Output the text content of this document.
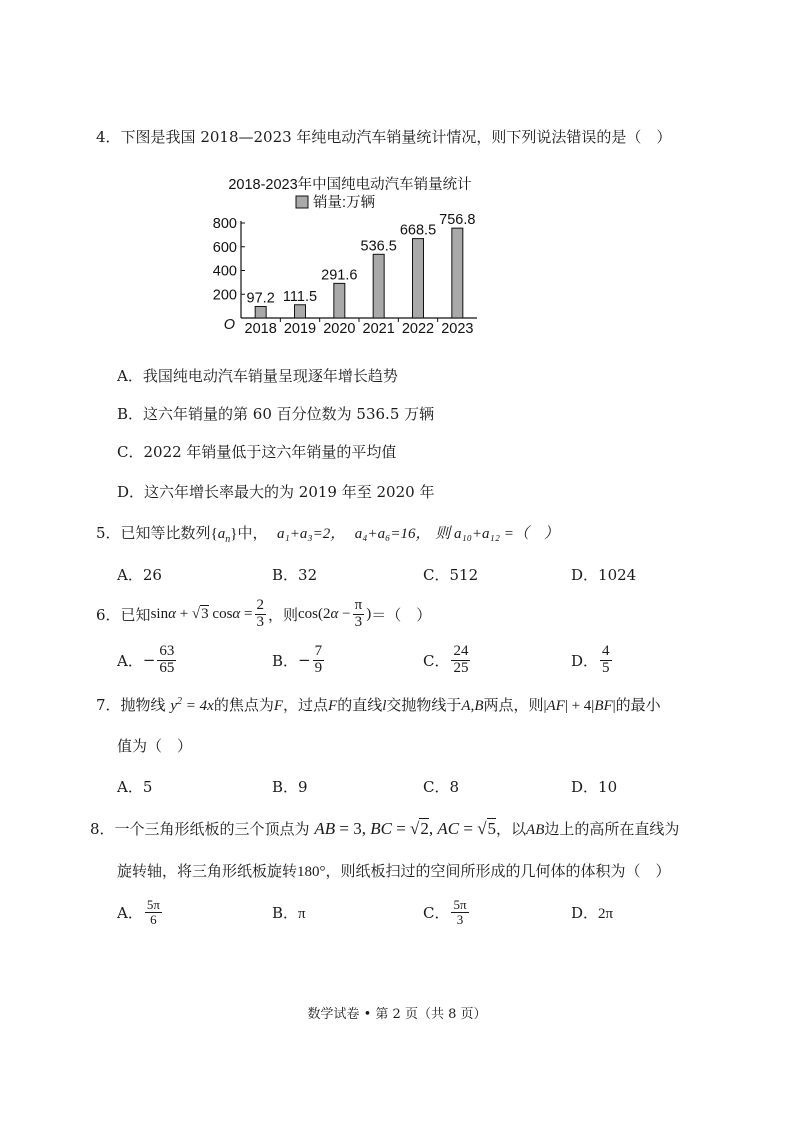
4．下图是我国 2018—2023 年纯电动汽车销量统计情况，则下列说法错误的是（　）
2018-2023年中国纯电动汽车销量统计
销量:万辆
O
200
400
600
800
97.2
2018
111.5
2019
291.6
2020
536.5
2021
668.5
2022
756.8
2023
A．我国纯电动汽车销量呈现逐年增长趋势
B．这六年销量的第 60 百分位数为 536.5 万辆
C．2022 年销量低于这六年销量的平均值
D．这六年增长率最大的为 2019 年至 2020 年
5．已知等比数列$\{a_n\}$中， a₁+a₃=2， a₄+a₆=16， 则 a₁₀+a₁₂ =（　）
A．26	B．32	C．512	D．1024
6． 已知 sinα + √3 $\cos\alpha = \frac{2}{3}$ ，则 $\cos(2\alpha - \frac{\pi}{3}$ ) ＝（　）
A． − $\frac{63}{65}$	B． − $\frac{7}{9}$	C． $\frac{24}{25}$	D． $\frac{4}{5}$
7．抛物线 $y^2 = 4x$的焦点为F，过点F的直线l交抛物线于A,B两点，则|AF| + 4|BF|的最小
值为（　）
A．5	B．9	C．8	D．10
8．一个三角形纸板的三个顶点为 AB = 3, BC = √2, AC = √5，以AB边上的高所在直线为
旋转轴，将三角形纸板旋转180°，则纸板扫过的空间所形成的几何体的体积为（　）
A． $\frac{5\pi}{6}$	B．π	C． $\frac{5\pi}{3}$	D．2π
数学试卷 • 第 2 页（共 8 页）
